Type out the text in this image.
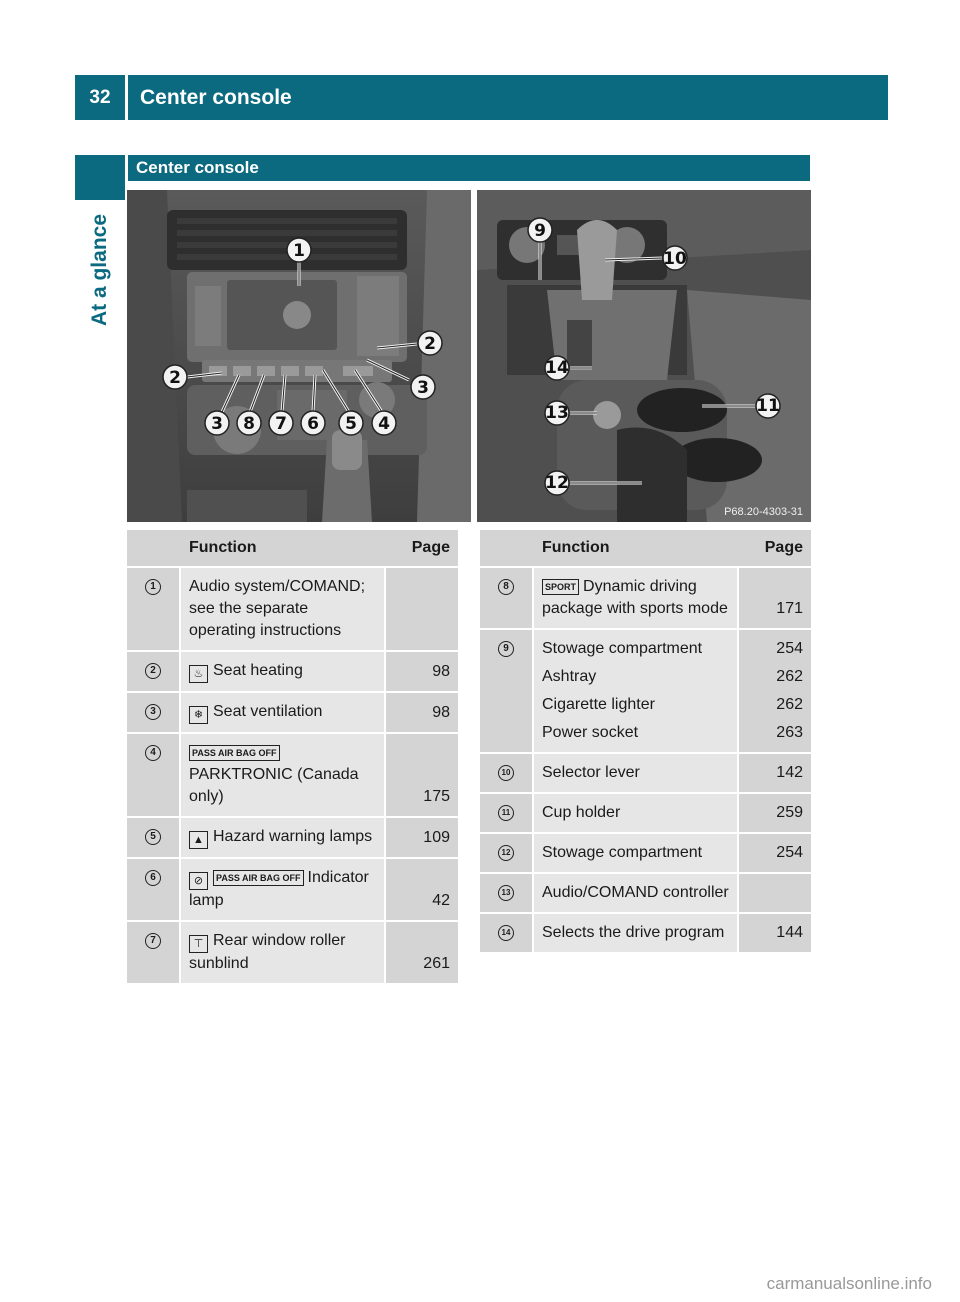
32	Center console
At a glance
Center console
1
2
2
3
3 8 7 6 5 4
9
10
14
13	11
12
P68.20-4303-31
	Function	Page
1	Audio system/COMAND; see the separate operating instructions	
2	♨ Seat heating	98
3	❄ Seat ventilation	98
4	PASS AIR BAG OFFPARKTRONIC (Canada only)	175
5	▲ Hazard warning lamps	109
6	⊘ PASS AIR BAG OFF Indicator lamp	42
7	⊤ Rear window roller sunblind	261
	Function	Page
8	SPORT Dynamic driving package with sports mode	171
9	Stowage compartment	254
	Ashtray	262
	Cigarette lighter	262
	Power socket	263
10	Selector lever	142
11	Cup holder	259
12	Stowage compartment	254
13	Audio/COMAND controller	
14	Selects the drive program	144
carmanualsonline.info
